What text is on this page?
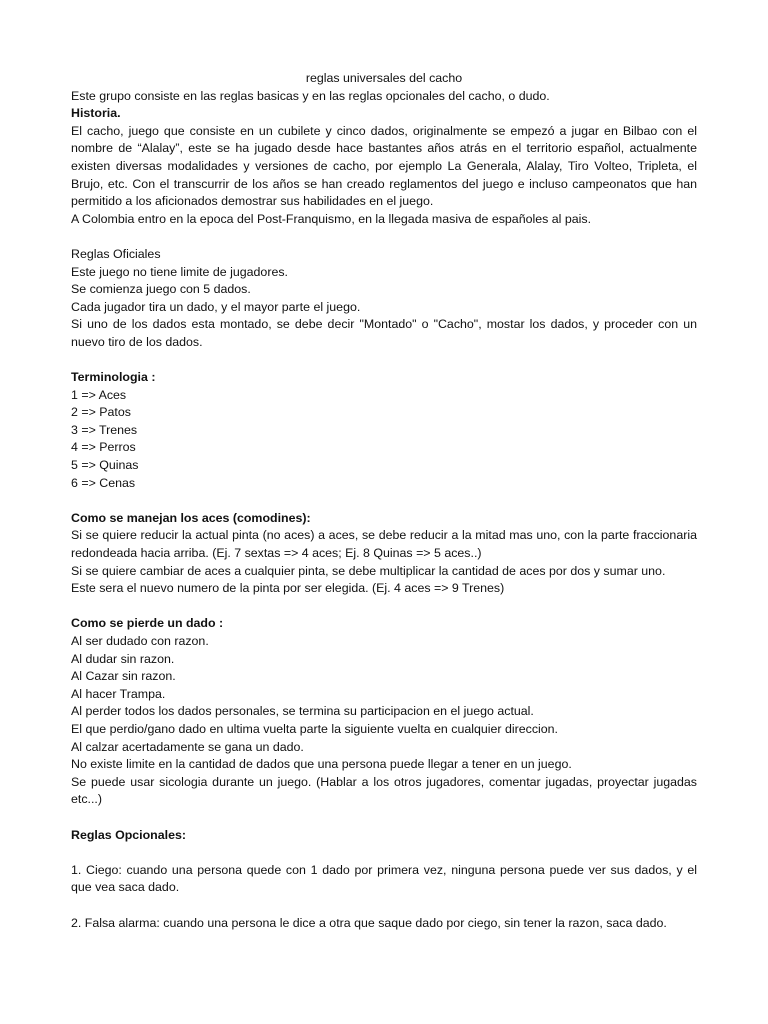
reglas universales del cacho

Este grupo consiste en las reglas basicas y en las reglas opcionales del cacho, o dudo.

Historia.

El cacho, juego que consiste en un cubilete y cinco dados, originalmente se empezó a jugar en Bilbao con el nombre de “Alalay”, este se ha jugado desde hace bastantes años atrás en el territorio español, actualmente existen diversas modalidades y versiones de cacho, por ejemplo La Generala, Alalay, Tiro Volteo, Tripleta, el Brujo, etc. Con el transcurrir de los años se han creado reglamentos del juego e incluso campeonatos que han permitido a los aficionados demostrar sus habilidades en el juego.

A Colombia entro en la epoca del Post-Franquismo, en la llegada masiva de españoles al pais.

Reglas Oficiales

Este juego no tiene limite de jugadores.

Se comienza juego con 5 dados.

Cada jugador tira un dado, y el mayor parte el juego.

Si uno de los dados esta montado, se debe decir "Montado" o "Cacho", mostar los dados, y proceder con un nuevo tiro de los dados.

Terminologia :

1 => Aces
2 => Patos
3 => Trenes
4 => Perros
5 => Quinas
6 => Cenas

Como se manejan los aces (comodines):

Si se quiere reducir la actual pinta (no aces) a aces, se debe reducir a la mitad mas uno, con la parte fraccionaria redondeada hacia arriba. (Ej. 7 sextas => 4 aces; Ej. 8 Quinas => 5 aces..)

Si se quiere cambiar de aces a cualquier pinta, se debe multiplicar la cantidad de aces por dos y sumar uno.

Este sera el nuevo numero de la pinta por ser elegida. (Ej. 4 aces => 9 Trenes)

Como se pierde un dado :

Al ser dudado con razon.

Al dudar sin razon.

Al Cazar sin razon.

Al hacer Trampa.

Al perder todos los dados personales, se termina su participacion en el juego actual.

El que perdio/gano dado en ultima vuelta parte la siguiente vuelta en cualquier direccion.

Al calzar acertadamente se gana un dado.

No existe limite en la cantidad de dados que una persona puede llegar a tener en un juego.

Se puede usar sicologia durante un juego. (Hablar a los otros jugadores, comentar jugadas, proyectar jugadas etc...)

Reglas Opcionales:

1. Ciego: cuando una persona quede con 1 dado por primera vez, ninguna persona puede ver sus dados, y el que vea saca dado.

2. Falsa alarma: cuando una persona le dice a otra que saque dado por ciego, sin tener la razon, saca dado.
